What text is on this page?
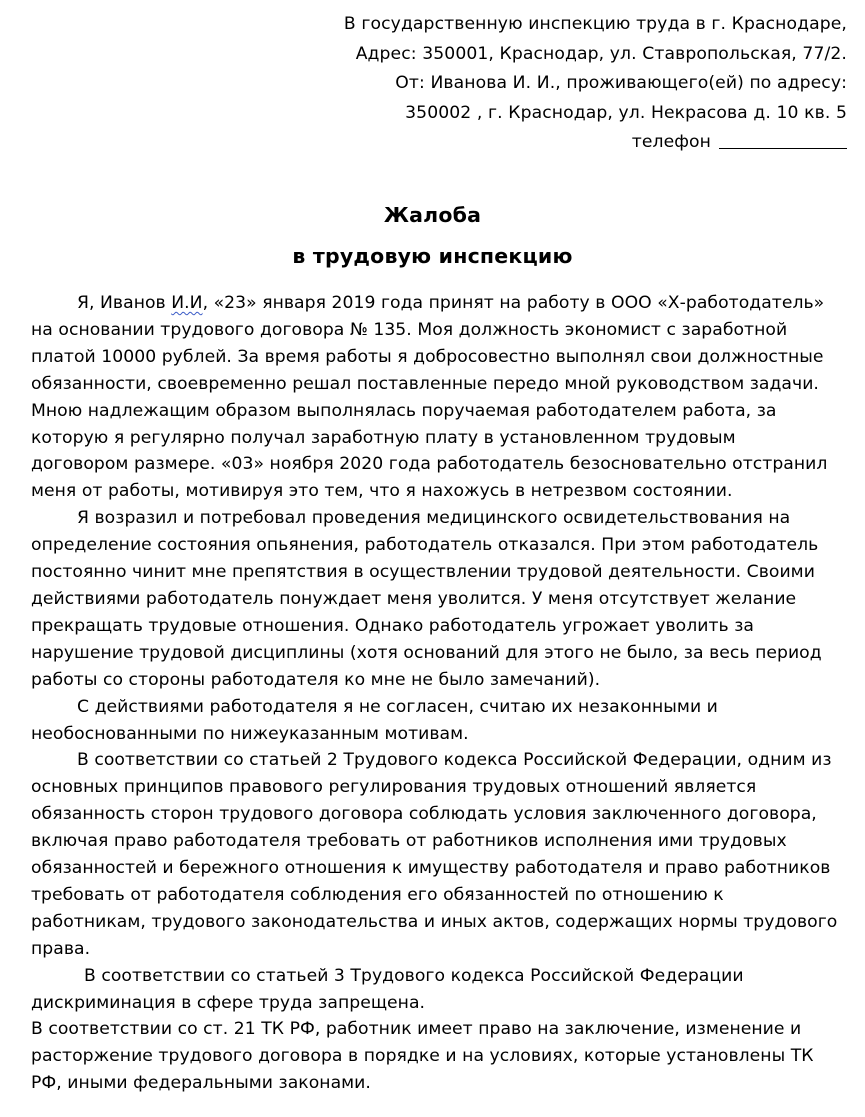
В государственную инспекцию труда в г. Краснодаре,
Адрес: 350001, Краснодар, ул. Ставропольская, 77/2.
От: Иванова И. И., проживающего(ей) по адресу:
350002 , г. Краснодар, ул. Некрасова д. 10 кв. 5
телефон
Жалоба
в трудовую инспекцию
Я, Иванов И.И, «23» января 2019 года принят на работу в ООО «Х-работодатель»
на основании трудового договора № 135. Моя должность экономист с заработной
платой 10000 рублей. За время работы я добросовестно выполнял свои должностные
обязанности, своевременно решал поставленные передо мной руководством задачи.
Мною надлежащим образом выполнялась поручаемая работодателем работа, за
которую я регулярно получал заработную плату в установленном трудовым
договором размере. «03» ноября 2020 года работодатель безосновательно отстранил
меня от работы, мотивируя это тем, что я нахожусь в нетрезвом состоянии.
Я возразил и потребовал проведения медицинского освидетельствования на
определение состояния опьянения, работодатель отказался. При этом работодатель
постоянно чинит мне препятствия в осуществлении трудовой деятельности. Своими
действиями работодатель понуждает меня уволится. У меня отсутствует желание
прекращать трудовые отношения. Однако работодатель угрожает уволить за
нарушение трудовой дисциплины (хотя оснований для этого не было, за весь период
работы со стороны работодателя ко мне не было замечаний).
С действиями работодателя я не согласен, считаю их незаконными и
необоснованными по нижеуказанным мотивам.
В соответствии со статьей 2 Трудового кодекса Российской Федерации, одним из
основных принципов правового регулирования трудовых отношений является
обязанность сторон трудового договора соблюдать условия заключенного договора,
включая право работодателя требовать от работников исполнения ими трудовых
обязанностей и бережного отношения к имуществу работодателя и право работников
требовать от работодателя соблюдения его обязанностей по отношению к
работникам, трудового законодательства и иных актов, содержащих нормы трудового
права.
В соответствии со статьей 3 Трудового кодекса Российской Федерации
дискриминация в сфере труда запрещена.
В соответствии со ст. 21 ТК РФ, работник имеет право на заключение, изменение и
расторжение трудового договора в порядке и на условиях, которые установлены ТК
РФ, иными федеральными законами.
